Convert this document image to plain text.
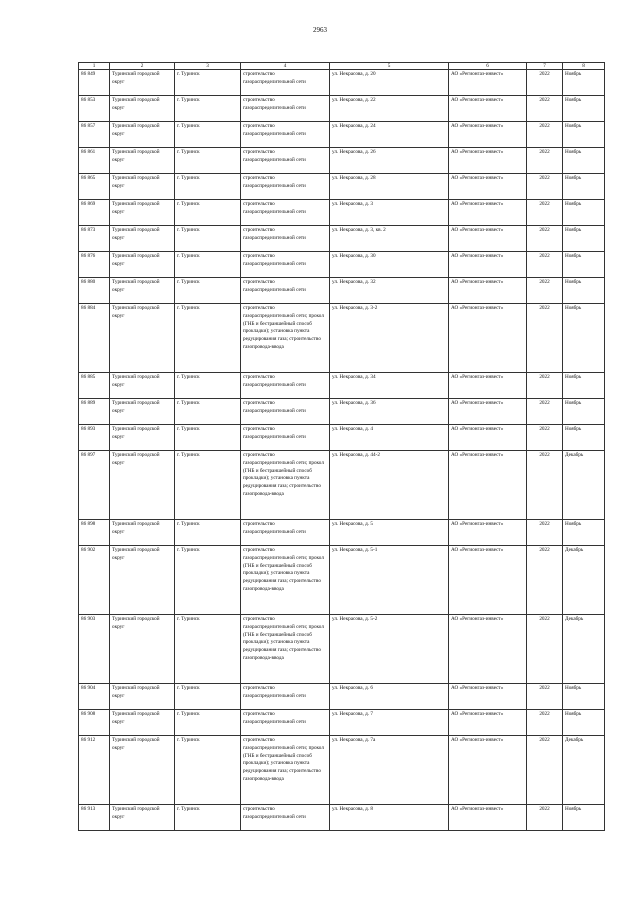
2963
1	2	3	4	5	6	7	8
86 849	Туринский городской округ	г. Туринск	строительство газораспределительной сети	ул. Некрасова, д. 20	АО «Регионгаз-инвест»	2022	Ноябрь
86 853	Туринский городской округ	г. Туринск	строительство газораспределительной сети	ул. Некрасова, д. 22	АО «Регионгаз-инвест»	2022	Ноябрь
86 857	Туринский городской округ	г. Туринск	строительство газораспределительной сети	ул. Некрасова, д. 24	АО «Регионгаз-инвест»	2022	Ноябрь
86 861	Туринский городской округ	г. Туринск	строительство газораспределительной сети	ул. Некрасова, д. 26	АО «Регионгаз-инвест»	2022	Ноябрь
86 865	Туринский городской округ	г. Туринск	строительство газораспределительной сети	ул. Некрасова, д. 28	АО «Регионгаз-инвест»	2022	Ноябрь
86 869	Туринский городской округ	г. Туринск	строительство газораспределительной сети	ул. Некрасова, д. 3	АО «Регионгаз-инвест»	2022	Ноябрь
86 873	Туринский городской округ	г. Туринск	строительство газораспределительной сети	ул. Некрасова, д. 3, кв. 2	АО «Регионгаз-инвест»	2022	Ноябрь
86 876	Туринский городской округ	г. Туринск	строительство газораспределительной сети	ул. Некрасова, д. 30	АО «Регионгаз-инвест»	2022	Ноябрь
86 880	Туринский городской округ	г. Туринск	строительство газораспределительной сети	ул. Некрасова, д. 32	АО «Регионгаз-инвест»	2022	Ноябрь
86 884	Туринский городской округ	г. Туринск	строительство газораспределительной сети; прокол (ГНБ и бестраншейный способ прокладки); установка пункта редуцирования газа; строительство газопровода-ввода	ул. Некрасова, д. 3-2	АО «Регионгаз-инвест»	2022	Ноябрь
86 885	Туринский городской округ	г. Туринск	строительство газораспределительной сети	ул. Некрасова, д. 34	АО «Регионгаз-инвест»	2022	Ноябрь
86 889	Туринский городской округ	г. Туринск	строительство газораспределительной сети	ул. Некрасова, д. 36	АО «Регионгаз-инвест»	2022	Ноябрь
86 893	Туринский городской округ	г. Туринск	строительство газораспределительной сети	ул. Некрасова, д. 4	АО «Регионгаз-инвест»	2022	Ноябрь
86 897	Туринский городской округ	г. Туринск	строительство газораспределительной сети; прокол (ГНБ и бестраншейный способ прокладки); установка пункта редуцирования газа; строительство газопровода-ввода	ул. Некрасова, д. 44-2	АО «Регионгаз-инвест»	2022	Декабрь
86 898	Туринский городской округ	г. Туринск	строительство газораспределительной сети	ул. Некрасова, д. 5	АО «Регионгаз-инвест»	2022	Ноябрь
86 902	Туринский городской округ	г. Туринск	строительство газораспределительной сети; прокол (ГНБ и бестраншейный способ прокладки); установка пункта редуцирования газа; строительство газопровода-ввода	ул. Некрасова, д. 5-1	АО «Регионгаз-инвест»	2022	Декабрь
86 903	Туринский городской округ	г. Туринск	строительство газораспределительной сети; прокол (ГНБ и бестраншейный способ прокладки); установка пункта редуцирования газа; строительство газопровода-ввода	ул. Некрасова, д. 5-2	АО «Регионгаз-инвест»	2022	Декабрь
86 904	Туринский городской округ	г. Туринск	строительство газораспределительной сети	ул. Некрасова, д. 6	АО «Регионгаз-инвест»	2022	Ноябрь
86 908	Туринский городской округ	г. Туринск	строительство газораспределительной сети	ул. Некрасова, д. 7	АО «Регионгаз-инвест»	2022	Ноябрь
86 912	Туринский городской округ	г. Туринск	строительство газораспределительной сети; прокол (ГНБ и бестраншейный способ прокладки); установка пункта редуцирования газа; строительство газопровода-ввода	ул. Некрасова, д. 7а	АО «Регионгаз-инвест»	2022	Декабрь
86 913	Туринский городской округ	г. Туринск	строительство газораспределительной сети	ул. Некрасова, д. 8	АО «Регионгаз-инвест»	2022	Ноябрь
